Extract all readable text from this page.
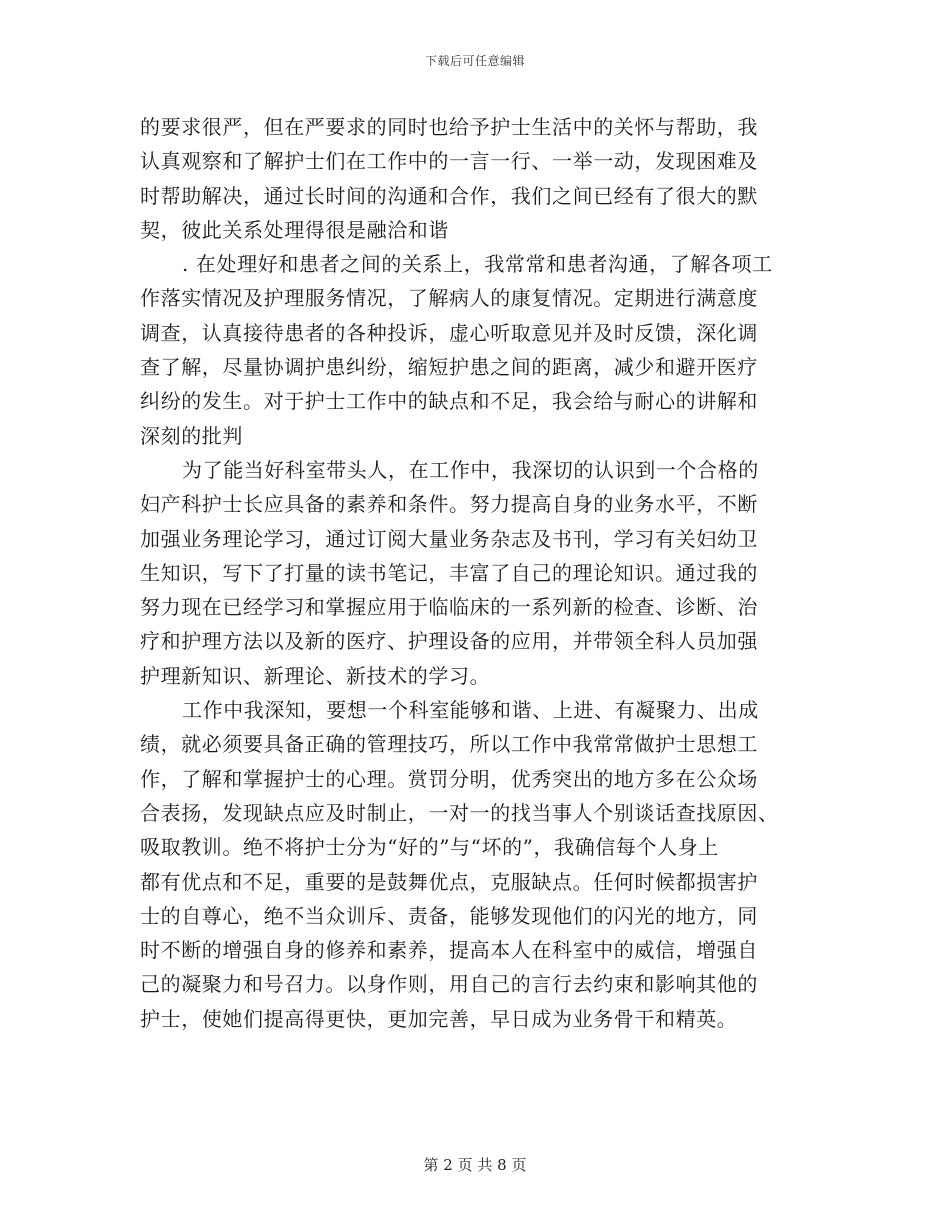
下载后可任意编辑
的要求很严，但在严要求的同时也给予护士生活中的关怀与帮助，我
认真观察和了解护士们在工作中的一言一行、一举一动，发现困难及
时帮助解决，通过长时间的沟通和合作，我们之间已经有了很大的默
契，彼此关系处理得很是融洽和谐
. 在处理好和患者之间的关系上，我常常和患者沟通，了解各项工
作落实情况及护理服务情况，了解病人的康复情况。定期进行满意度
调查，认真接待患者的各种投诉，虚心听取意见并及时反馈，深化调
查了解，尽量协调护患纠纷，缩短护患之间的距离，减少和避开医疗
纠纷的发生。对于护士工作中的缺点和不足，我会给与耐心的讲解和
深刻的批判
为了能当好科室带头人，在工作中，我深切的认识到一个合格的
妇产科护士长应具备的素养和条件。努力提高自身的业务水平，不断
加强业务理论学习，通过订阅大量业务杂志及书刊，学习有关妇幼卫
生知识，写下了打量的读书笔记，丰富了自己的理论知识。通过我的
努力现在已经学习和掌握应用于临临床的一系列新的检查、诊断、治
疗和护理方法以及新的医疗、护理设备的应用，并带领全科人员加强
护理新知识、新理论、新技术的学习。
工作中我深知，要想一个科室能够和谐、上进、有凝聚力、出成
绩，就必须要具备正确的管理技巧，所以工作中我常常做护士思想工
作，了解和掌握护士的心理。赏罚分明，优秀突出的地方多在公众场
合表扬，发现缺点应及时制止，一对一的找当事人个别谈话查找原因、
吸取教训。绝不将护士分为“好的”与“坏的”，我确信每个人身上
都有优点和不足，重要的是鼓舞优点，克服缺点。任何时候都损害护
士的自尊心，绝不当众训斥、责备，能够发现他们的闪光的地方，同
时不断的增强自身的修养和素养，提高本人在科室中的威信，增强自
己的凝聚力和号召力。以身作则，用自己的言行去约束和影响其他的
护士，使她们提高得更快，更加完善，早日成为业务骨干和精英。
第 2 页 共 8 页
